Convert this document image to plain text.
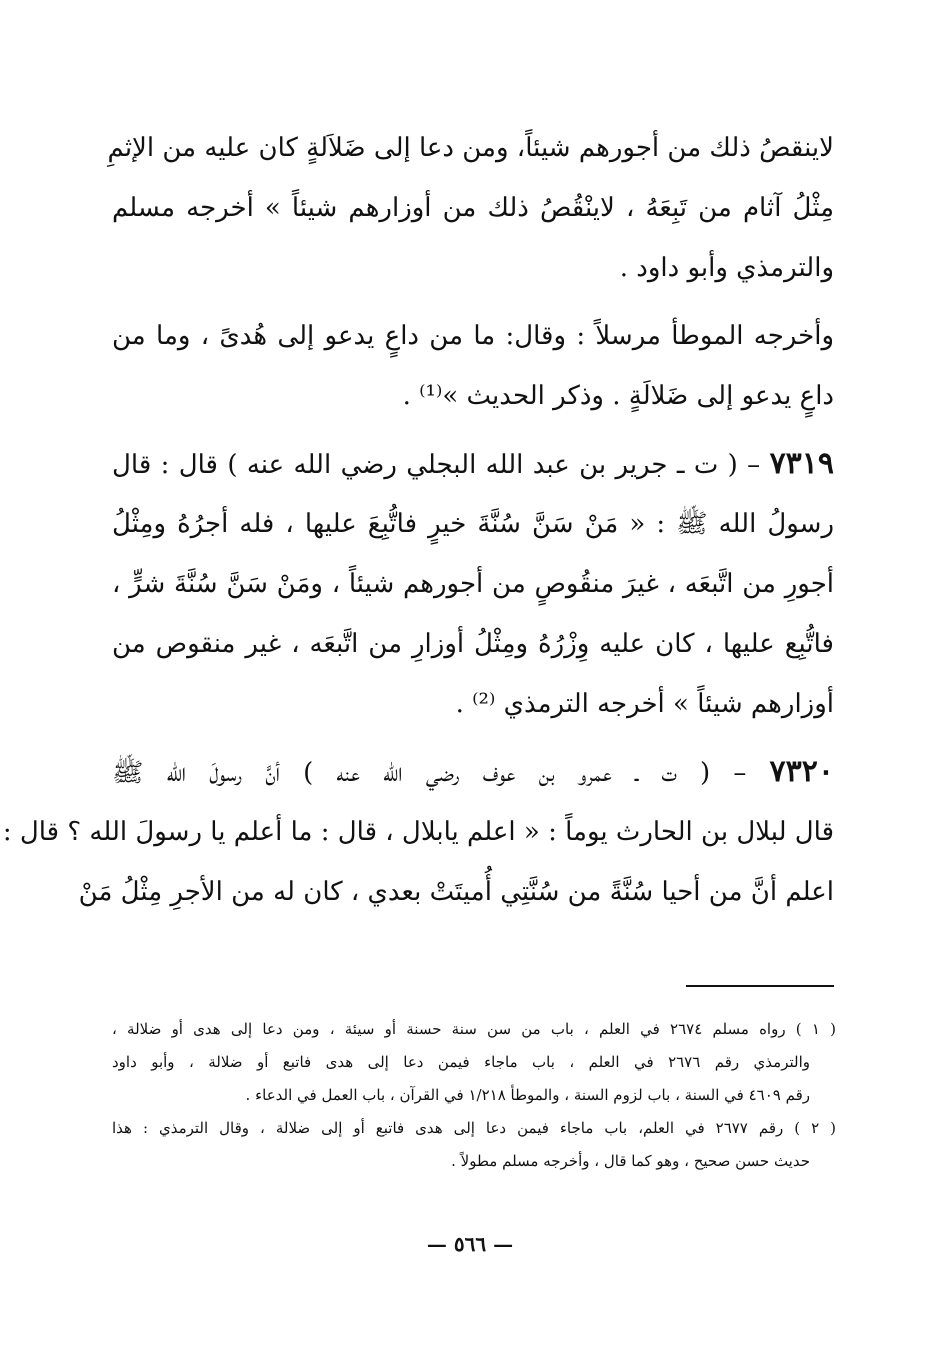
لاينقصُ ذلك من أجورهم شيئاً، ومن دعا إلى ضَلاَلةٍ كان عليه من الإثمِ
مِثْلُ آثام من تَبِعَهُ ، لاينْقُصُ ذلك من أوزارهم شيئاً » أخرجه مسلم
والترمذي وأبو داود .
وأخرجه الموطأ مرسلاً : وقال: ما من داعٍ يدعو إلى هُدىً ، وما من
داعٍ يدعو إلى ضَلالَةٍ . وذكر الحديث »⁽¹⁾ .
٧٣١٩ – ( ت ـ جرير بن عبد الله البجلي رضي الله عنه ) قال : قال
رسولُ الله ﷺ : « مَنْ سَنَّ سُنَّةَ خيرٍ فاتُّبِعَ عليها ، فله أجرُهُ ومِثْلُ
أجورِ من اتَّبعَه ، غيرَ منقُوصٍ من أجورهم شيئاً ، ومَنْ سَنَّ سُنَّةَ شرٍّ ،
فاتُّبِع عليها ، كان عليه وِزْرُهُ ومِثْلُ أوزارِ من اتَّبعَه ، غير منقوص من
أوزارهم شيئاً » أخرجه الترمذي ⁽²⁾ .
٧٣٢٠ – ( ت ـ عمرو بن عوف رضي الله عنه ) أنَّ رسولَ الله ﷺ
قال لبلال بن الحارث يوماً : « اعلم يابلال ، قال : ما أعلم يا رسولَ الله ؟ قال :
اعلم أنَّ من أحيا سُنَّةً من سُنَّتِي أُميتَتْ بعدي ، كان له من الأجرِ مِثْلُ مَنْ
( ١ ) رواه مسلم ٢٦٧٤ في العلم ، باب من سن سنة حسنة أو سيئة ، ومن دعا إلى هدى أو ضلالة ،
والترمذي رقم ٢٦٧٦ في العلم ، باب ماجاء فيمن دعا إلى هدى فاتبع أو ضلالة ، وأبو داود
رقم ٤٦٠٩ في السنة ، باب لزوم السنة ، والموطأ ١/٢١٨ في القرآن ، باب العمل في الدعاء .
( ٢ ) رقم ٢٦٧٧ في العلم، باب ماجاء فيمن دعا إلى هدى فاتبع أو إلى ضلالة ، وقال الترمذي : هذا
حديث حسن صحيح ، وهو كما قال ، وأخرجه مسلم مطولاً .
— ٥٦٦ —
